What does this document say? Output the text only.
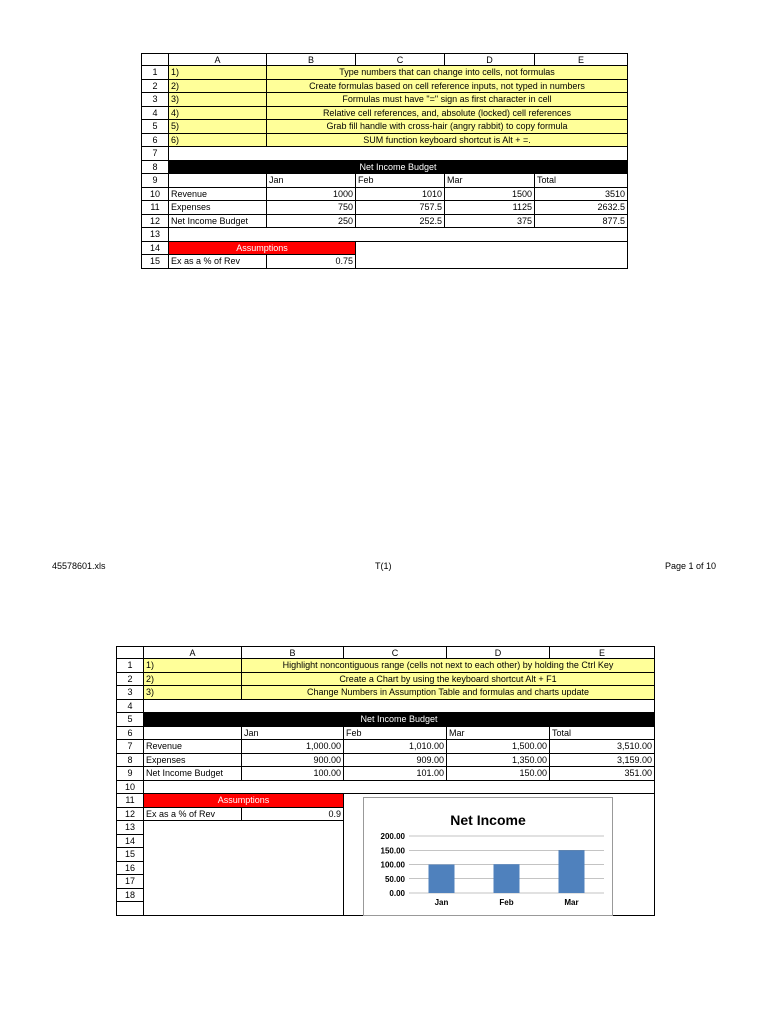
	A	B	C	D	E
1	1)	Type numbers that can change into cells, not formulas			
2	2)	Create formulas based on cell reference inputs, not typed in numbers			
3	3)	Formulas must have "=" sign as first character in cell			
4	4)	Relative cell references, and, absolute (locked) cell references			
5	5)	Grab fill handle with cross-hair (angry rabbit) to copy formula			
6	6)	SUM function keyboard shortcut is Alt + =.			
7					
8	Net Income Budget				
9		Jan	Feb	Mar	Total
10	Revenue	1000	1010	1500	3510
11	Expenses	750	757.5	1125	2632.5
12	Net Income Budget	250	252.5	375	877.5
13					
14	Assumptions				
15	Ex as a % of Rev	0.75			
45578601.xls	T(1)	Page 1 of 10
	A	B	C	D	E
1	1)	Highlight noncontiguous range (cells not next to each other) by holding the Ctrl Key			
2	2)	Create a Chart by using the keyboard shortcut Alt + F1			
3	3)	Change Numbers in Assumption Table and formulas and charts update			
4					
5	Net Income Budget				
6		Jan	Feb	Mar	Total
7	Revenue	1,000.00	1,010.00	1,500.00	3,510.00
8	Expenses	900.00	909.00	1,350.00	3,159.00
9	Net Income Budget	100.00	101.00	150.00	351.00
10					
11	Assumptions				
12	Ex as a % of Rev	0.9			
13					
14					
15					
16					
17					
18					

Net Income
0.00
50.00
100.00
150.00
200.00
Jan	Feb	Mar
